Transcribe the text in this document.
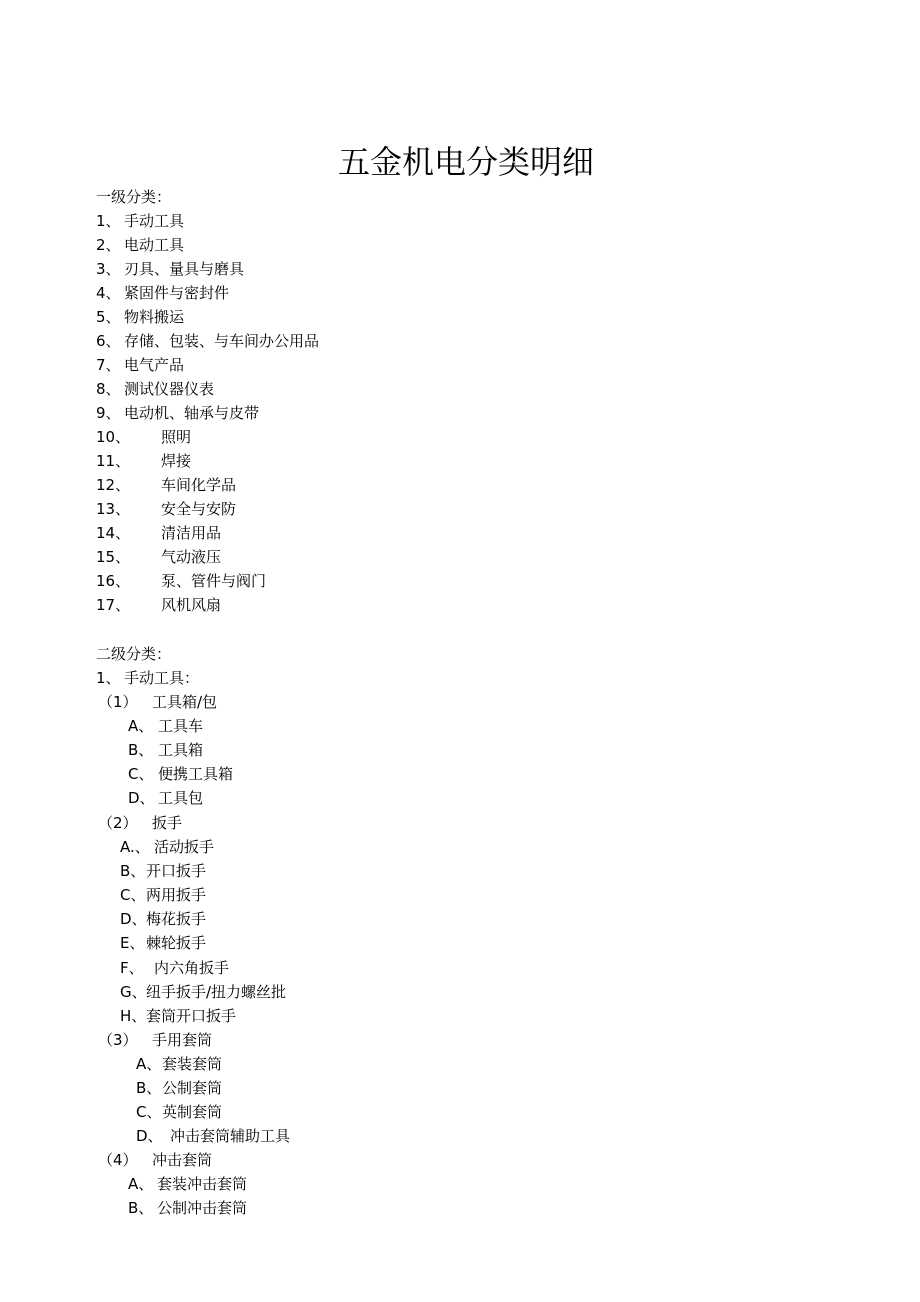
五金机电分类明细
一级分类：
1、 手动工具
2、 电动工具
3、 刃具、量具与磨具
4、 紧固件与密封件
5、 物料搬运
6、 存储、包装、与车间办公用品
7、 电气产品
8、 测试仪器仪表
9、 电动机、轴承与皮带
10、 照明
11、 焊接
12、 车间化学品
13、 安全与安防
14、 清洁用品
15、 气动液压
16、 泵、管件与阀门
17、 风机风扇
二级分类：
1、 手动工具：
（1） 工具箱/包
A、 工具车
B、 工具箱
C、 便携工具箱
D、 工具包
（2） 扳手
A.、 活动扳手
B、开口扳手
C、两用扳手
D、梅花扳手
E、 棘轮扳手
F、 内六角扳手
G、纽手扳手/扭力螺丝批
H、套筒开口扳手
（3） 手用套筒
A、套装套筒
B、公制套筒
C、英制套筒
D、 冲击套筒辅助工具
（4） 冲击套筒
A、 套装冲击套筒
B、 公制冲击套筒
